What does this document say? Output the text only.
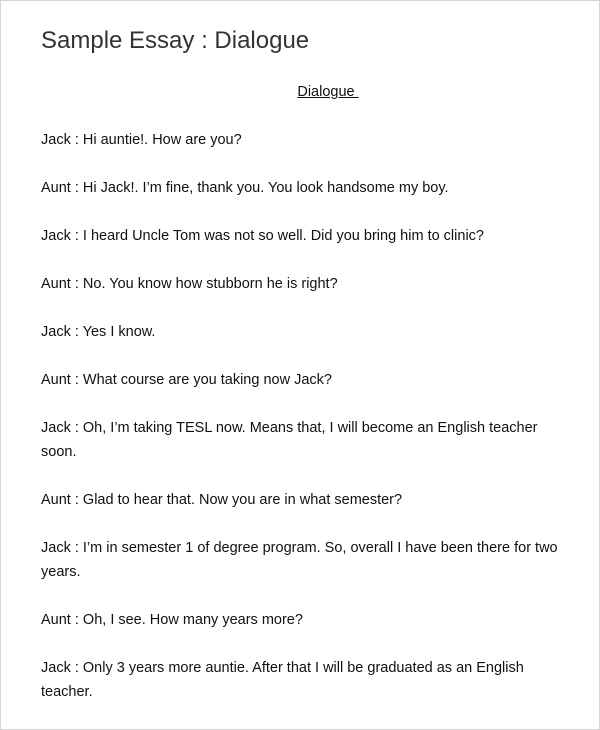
Sample Essay : Dialogue

Dialogue

Jack : Hi auntie!. How are you?

Aunt : Hi Jack!. I’m fine, thank you. You look handsome my boy.

Jack : I heard Uncle Tom was not so well. Did you bring him to clinic?

Aunt : No. You know how stubborn he is right?

Jack : Yes I know.

Aunt : What course are you taking now Jack?

Jack : Oh, I’m taking TESL now. Means that, I will become an English teacher soon.

Aunt : Glad to hear that. Now you are in what semester?

Jack : I’m in semester 1 of degree program. So, overall I have been there for two years.

Aunt : Oh, I see. How many years more?

Jack : Only 3 years more auntie. After that I will be graduated as an English teacher.
